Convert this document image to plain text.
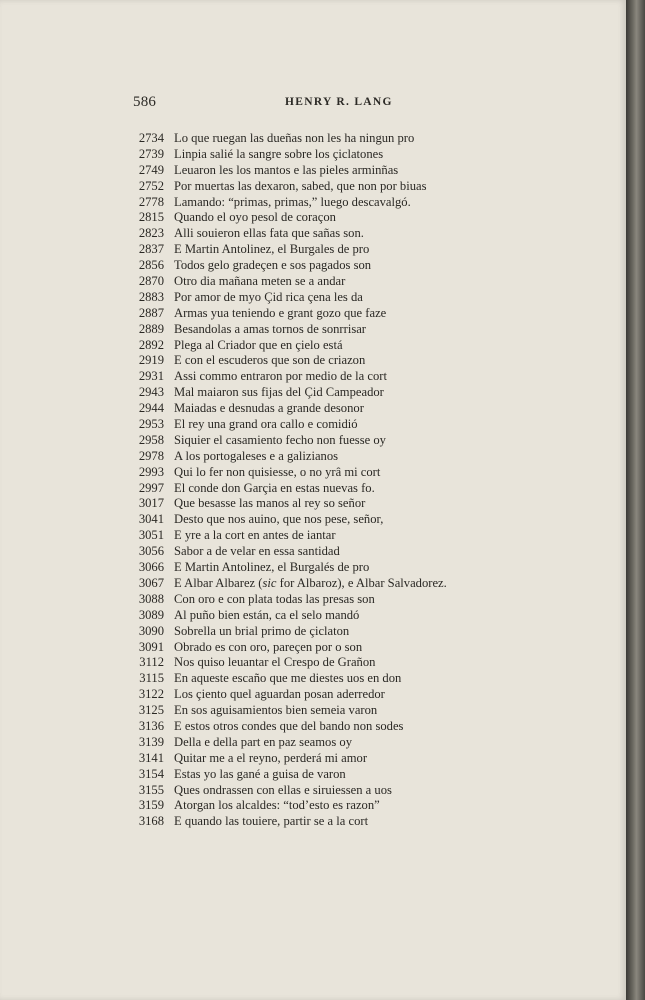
586	HENRY R. LANG
2734 Lo que ruegan las dueñas non les ha ningun pro
2739 Linpia salié la sangre sobre los çiclatones
2749 Leuaron les los mantos e las pieles arminñas
2752 Por muertas las dexaron, sabed, que non por biuas
2778 Lamando: “primas, primas,” luego descavalgó.
2815 Quando el oyo pesol de coraçon
2823 Alli souieron ellas fata que sañas son.
2837 E Martin Antolinez, el Burgales de pro
2856 Todos gelo gradeçen e sos pagados son
2870 Otro dia mañana meten se a andar
2883 Por amor de myo Çid rica çena les da
2887 Armas yua teniendo e grant gozo que faze
2889 Besandolas a amas tornos de sonrrisar
2892 Plega al Criador que en çielo está
2919 E con el escuderos que son de criazon
2931 Assi commo entraron por medio de la cort
2943 Mal maiaron sus fijas del Çid Campeador
2944 Maiadas e desnudas a grande desonor
2953 El rey una grand ora callo e comidió
2958 Siquier el casamiento fecho non fuesse oy
2978 A los portogaleses e a galizianos
2993 Qui lo fer non quisiesse, o no yrâ mi cort
2997 El conde don Garçia en estas nuevas fo.
3017 Que besasse las manos al rey so señor
3041 Desto que nos auino, que nos pese, señor,
3051 E yre a la cort en antes de iantar
3056 Sabor a de velar en essa santidad
3066 E Martin Antolinez, el Burgalés de pro
3067 E Albar Albarez (sic for Albaroz), e Albar Salvadorez.
3088 Con oro e con plata todas las presas son
3089 Al puño bien están, ca el selo mandó
3090 Sobrella un brial primo de çiclaton
3091 Obrado es con oro, pareçen por o son
3112 Nos quiso leuantar el Crespo de Grañon
3115 En aqueste escaño que me diestes uos en don
3122 Los çiento quel aguardan posan aderredor
3125 En sos aguisamientos bien semeia varon
3136 E estos otros condes que del bando non sodes
3139 Della e della part en paz seamos oy
3141 Quitar me a el reyno, perderá mi amor
3154 Estas yo las gané a guisa de varon
3155 Ques ondrassen con ellas e siruiessen a uos
3159 Atorgan los alcaldes: “tod’esto es razon”
3168 E quando las touiere, partir se a la cort
